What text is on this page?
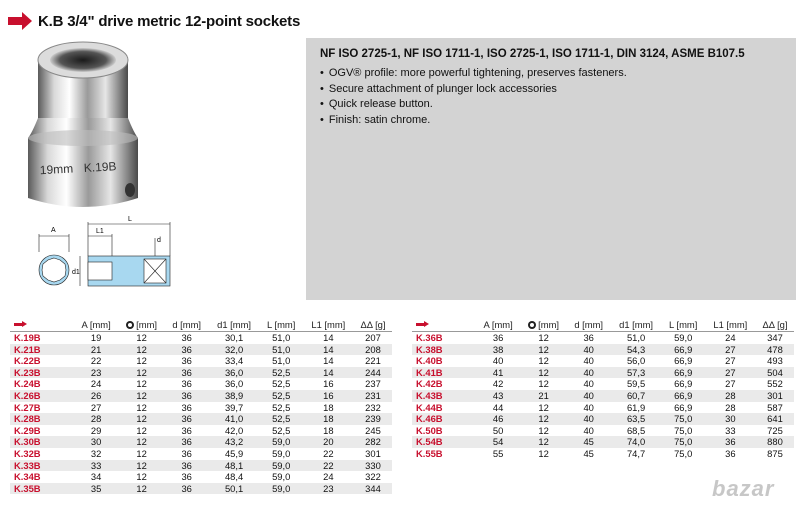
K.B 3/4" drive metric 12-point sockets
19mm K.19B
A
L
L1
d
d1
NF ISO 2725-1, NF ISO 1711-1, ISO 2725-1, ISO 1711-1, DIN 3124, ASME B107.5
• OGV® profile: more powerful tightening, preserves fasteners.
• Secure attachment of plunger lock accessories
• Quick release button.
• Finish: satin chrome.
	A [mm]	[mm]	d [mm]	d1 [mm]	L [mm]	L1 [mm]	ΔΔ [g]
K.19B	19	12	36	30,1	51,0	14	207
K.21B	21	12	36	32,0	51,0	14	208
K.22B	22	12	36	33,4	51,0	14	221
K.23B	23	12	36	36,0	52,5	14	244
K.24B	24	12	36	36,0	52,5	16	237
K.26B	26	12	36	38,9	52,5	16	231
K.27B	27	12	36	39,7	52,5	18	232
K.28B	28	12	36	41,0	52,5	18	239
K.29B	29	12	36	42,0	52,5	18	245
K.30B	30	12	36	43,2	59,0	20	282
K.32B	32	12	36	45,9	59,0	22	301
K.33B	33	12	36	48,1	59,0	22	330
K.34B	34	12	36	48,4	59,0	24	322
K.35B	35	12	36	50,1	59,0	23	344
	A [mm]	[mm]	d [mm]	d1 [mm]	L [mm]	L1 [mm]	ΔΔ [g]
K.36B	36	12	36	51,0	59,0	24	347
K.38B	38	12	40	54,3	66,9	27	478
K.40B	40	12	40	56,0	66,9	27	493
K.41B	41	12	40	57,3	66,9	27	504
K.42B	42	12	40	59,5	66,9	27	552
K.43B	43	21	40	60,7	66,9	28	301
K.44B	44	12	40	61,9	66,9	28	587
K.46B	46	12	40	63,5	75,0	30	641
K.50B	50	12	40	68,5	75,0	33	725
K.54B	54	12	45	74,0	75,0	36	880
K.55B	55	12	45	74,7	75,0	36	875
bazar
